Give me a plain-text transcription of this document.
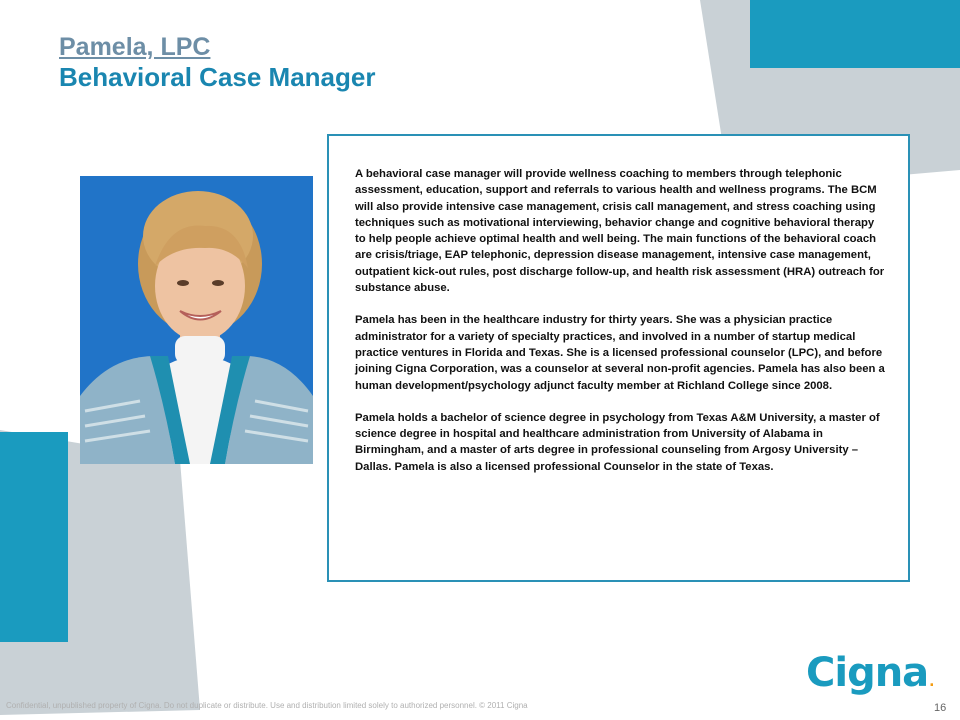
Pamela, LPC
Behavioral Case Manager

A behavioral case manager will provide wellness coaching to members through telephonic assessment, education, support and referrals to various health and wellness programs. The BCM will also provide intensive case management, crisis call management, and stress coaching using techniques such as motivational interviewing, behavior change and cognitive behavioral therapy to help people achieve optimal health and well being. The main functions of the behavioral coach are crisis/triage, EAP telephonic, depression disease management, intensive case management, outpatient kick-out rules, post discharge follow-up, and health risk assessment (HRA) outreach for substance abuse.

Pamela has been in the healthcare industry for thirty years. She was a physician practice administrator for a variety of specialty practices, and involved in a number of startup medical practice ventures in Florida and Texas. She is a licensed professional counselor (LPC), and before joining Cigna Corporation, was a counselor at several non-profit agencies. Pamela has also been a human development/psychology adjunct faculty member at Richland College since 2008.

Pamela holds a bachelor of science degree in psychology from Texas A&M University, a master of science degree in hospital and healthcare administration from University of Alabama in Birmingham, and a master of arts degree in professional counseling from Argosy University – Dallas. Pamela is also a licensed professional Counselor in the state of Texas.

Cigna.
Confidential, unpublished property of Cigna. Do not duplicate or distribute. Use and distribution limited solely to authorized personnel. © 2011 Cigna	16
